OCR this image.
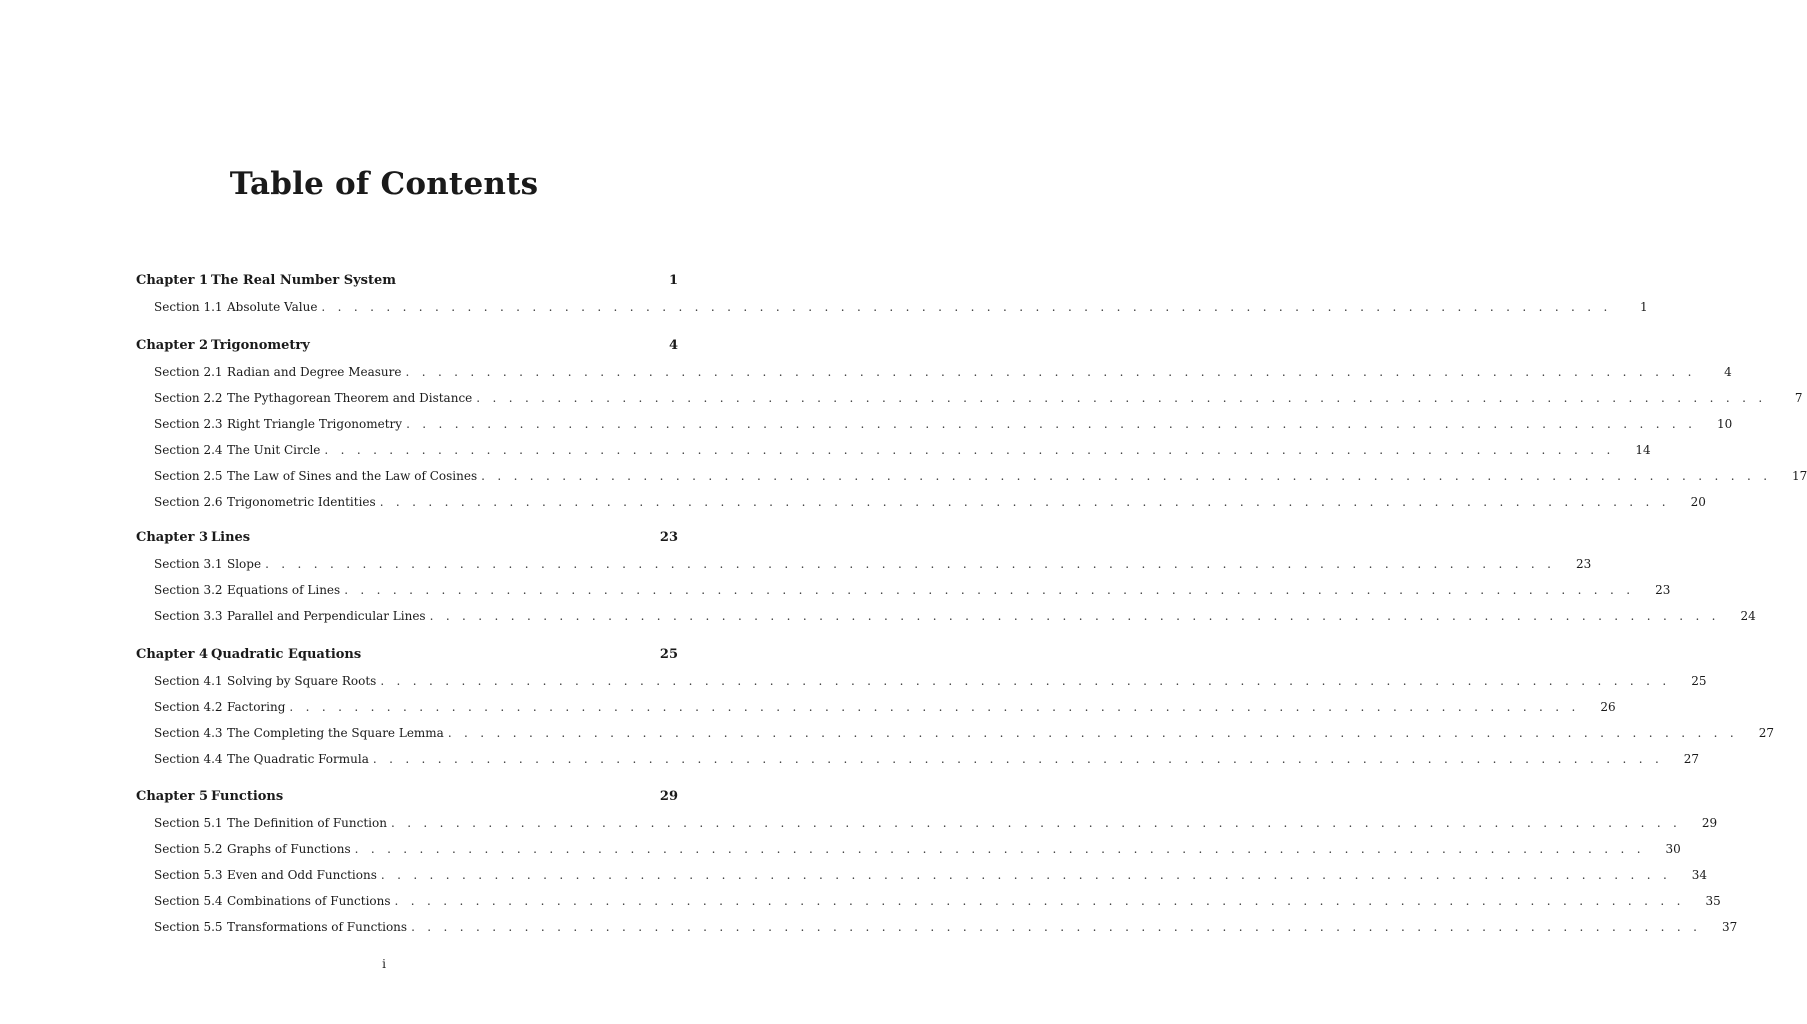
Table of Contents
Chapter 1 The Real Number System	1
Section 1.1 Absolute Value . . . . . . . . . . . . . . . . . . . . . . . . . . . . . . . . . . . . . . . . . . . . . . . . . . . . . . . . . . . . . . . . . . . . . . . . . . . . . . . .	1
Chapter 2 Trigonometry	4
Section 2.1 Radian and Degree Measure . . . . . . . . . . . . . . . . . . . . . . . . . . . . . . . . . . . . . . . . . . . . . . . . . . . . . . . . . . . . . . . . . . . . . . . . . . . . . . . .	4
Section 2.2 The Pythagorean Theorem and Distance . . . . . . . . . . . . . . . . . . . . . . . . . . . . . . . . . . . . . . . . . . . . . . . . . . . . . . . . . . . . . . . . . . . . . . . . . . . . . . . .	7
Section 2.3 Right Triangle Trigonometry . . . . . . . . . . . . . . . . . . . . . . . . . . . . . . . . . . . . . . . . . . . . . . . . . . . . . . . . . . . . . . . . . . . . . . . . . . . . . . . .	10
Section 2.4 The Unit Circle . . . . . . . . . . . . . . . . . . . . . . . . . . . . . . . . . . . . . . . . . . . . . . . . . . . . . . . . . . . . . . . . . . . . . . . . . . . . . . . .	14
Section 2.5 The Law of Sines and the Law of Cosines . . . . . . . . . . . . . . . . . . . . . . . . . . . . . . . . . . . . . . . . . . . . . . . . . . . . . . . . . . . . . . . . . . . . . . . . . . . . . . . .	17
Section 2.6 Trigonometric Identities . . . . . . . . . . . . . . . . . . . . . . . . . . . . . . . . . . . . . . . . . . . . . . . . . . . . . . . . . . . . . . . . . . . . . . . . . . . . . . . .	20
Chapter 3 Lines	23
Section 3.1 Slope . . . . . . . . . . . . . . . . . . . . . . . . . . . . . . . . . . . . . . . . . . . . . . . . . . . . . . . . . . . . . . . . . . . . . . . . . . . . . . . .	23
Section 3.2 Equations of Lines . . . . . . . . . . . . . . . . . . . . . . . . . . . . . . . . . . . . . . . . . . . . . . . . . . . . . . . . . . . . . . . . . . . . . . . . . . . . . . . .	23
Section 3.3 Parallel and Perpendicular Lines . . . . . . . . . . . . . . . . . . . . . . . . . . . . . . . . . . . . . . . . . . . . . . . . . . . . . . . . . . . . . . . . . . . . . . . . . . . . . . . .	24
Chapter 4 Quadratic Equations	25
Section 4.1 Solving by Square Roots . . . . . . . . . . . . . . . . . . . . . . . . . . . . . . . . . . . . . . . . . . . . . . . . . . . . . . . . . . . . . . . . . . . . . . . . . . . . . . . .	25
Section 4.2 Factoring . . . . . . . . . . . . . . . . . . . . . . . . . . . . . . . . . . . . . . . . . . . . . . . . . . . . . . . . . . . . . . . . . . . . . . . . . . . . . . . .	26
Section 4.3 The Completing the Square Lemma . . . . . . . . . . . . . . . . . . . . . . . . . . . . . . . . . . . . . . . . . . . . . . . . . . . . . . . . . . . . . . . . . . . . . . . . . . . . . . . .	27
Section 4.4 The Quadratic Formula . . . . . . . . . . . . . . . . . . . . . . . . . . . . . . . . . . . . . . . . . . . . . . . . . . . . . . . . . . . . . . . . . . . . . . . . . . . . . . . .	27
Chapter 5 Functions	29
Section 5.1 The Definition of Function . . . . . . . . . . . . . . . . . . . . . . . . . . . . . . . . . . . . . . . . . . . . . . . . . . . . . . . . . . . . . . . . . . . . . . . . . . . . . . . .	29
Section 5.2 Graphs of Functions . . . . . . . . . . . . . . . . . . . . . . . . . . . . . . . . . . . . . . . . . . . . . . . . . . . . . . . . . . . . . . . . . . . . . . . . . . . . . . . .	30
Section 5.3 Even and Odd Functions . . . . . . . . . . . . . . . . . . . . . . . . . . . . . . . . . . . . . . . . . . . . . . . . . . . . . . . . . . . . . . . . . . . . . . . . . . . . . . . .	34
Section 5.4 Combinations of Functions . . . . . . . . . . . . . . . . . . . . . . . . . . . . . . . . . . . . . . . . . . . . . . . . . . . . . . . . . . . . . . . . . . . . . . . . . . . . . . . .	35
Section 5.5 Transformations of Functions . . . . . . . . . . . . . . . . . . . . . . . . . . . . . . . . . . . . . . . . . . . . . . . . . . . . . . . . . . . . . . . . . . . . . . . . . . . . . . . .	37
i
